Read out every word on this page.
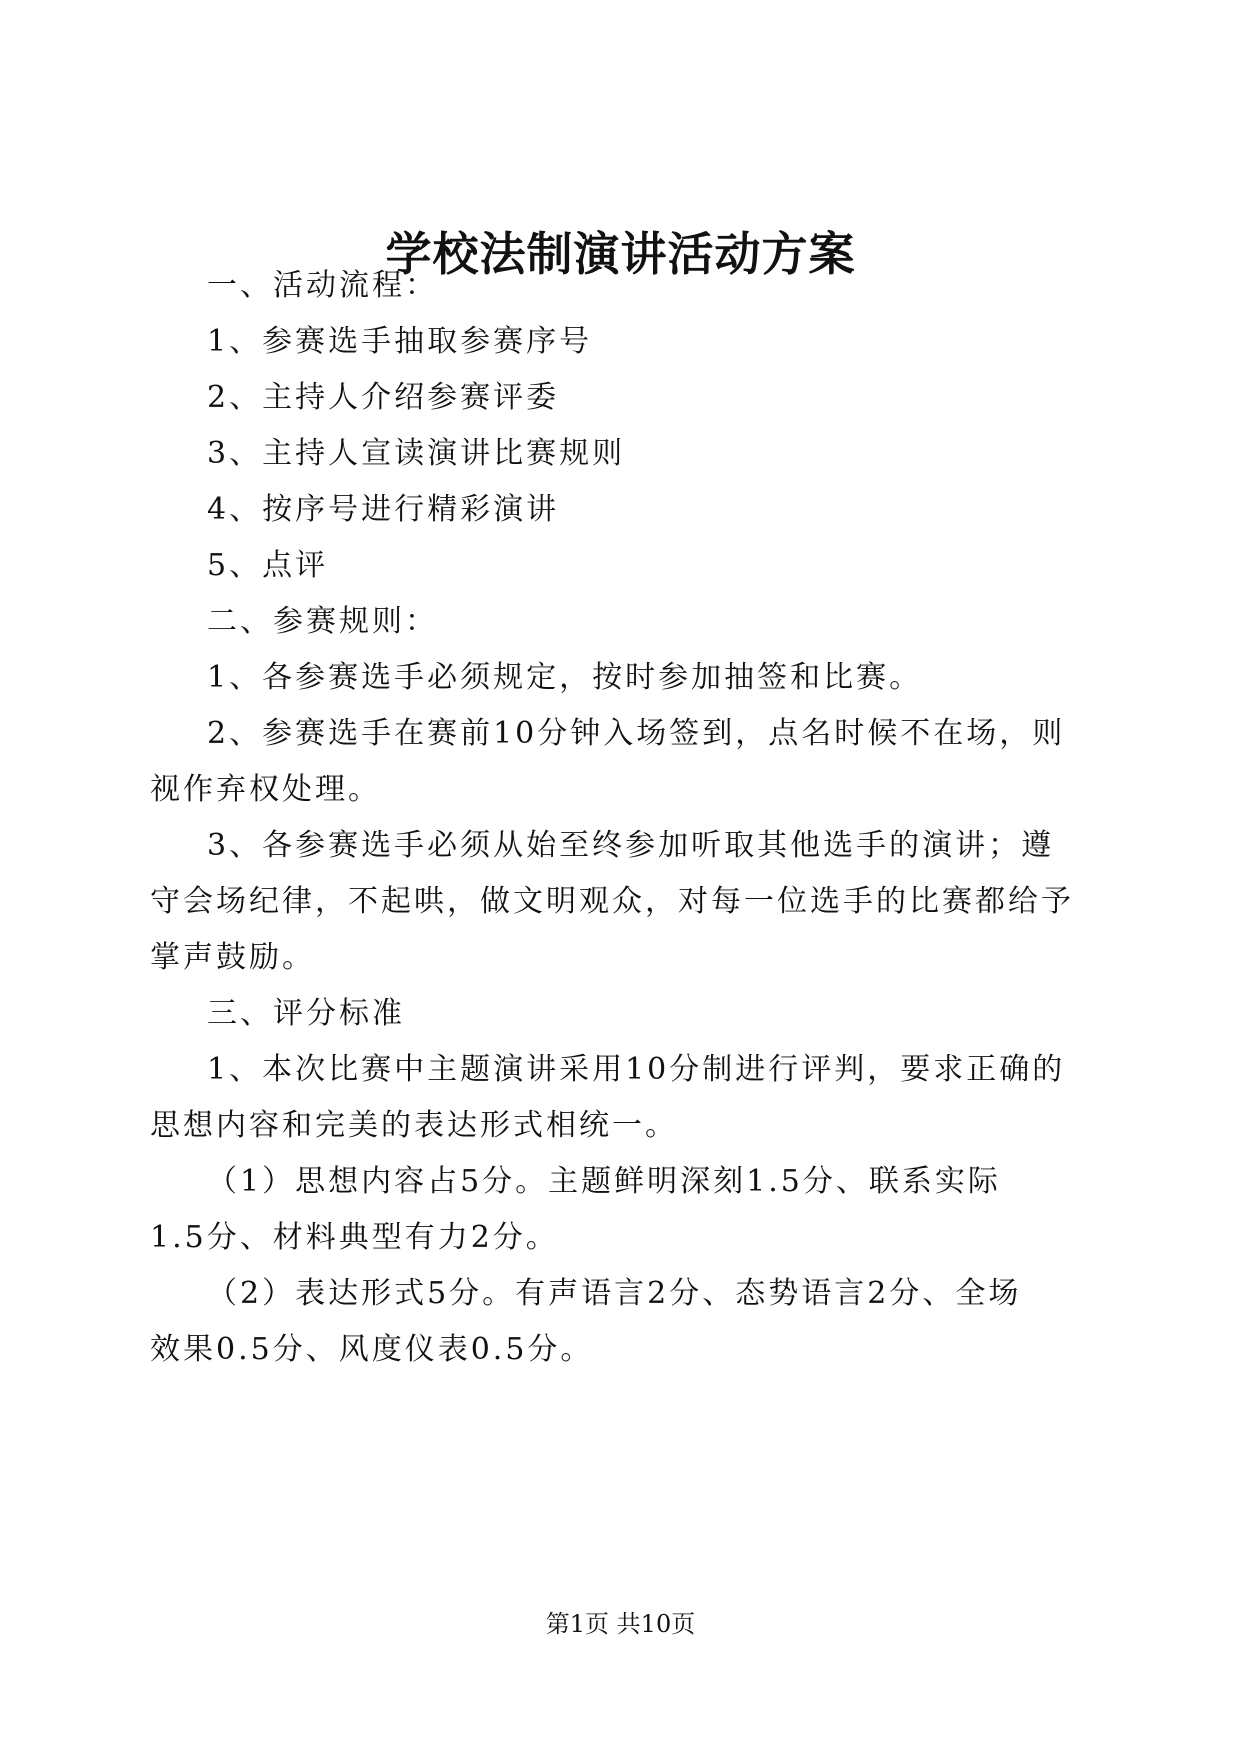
学校法制演讲活动方案
一、活动流程：
1、参赛选手抽取参赛序号
2、主持人介绍参赛评委
3、主持人宣读演讲比赛规则
4、按序号进行精彩演讲
5、点评
二、参赛规则：
1、各参赛选手必须规定，按时参加抽签和比赛。
2、参赛选手在赛前10分钟入场签到，点名时候不在场，则
视作弃权处理。
3、各参赛选手必须从始至终参加听取其他选手的演讲；遵
守会场纪律，不起哄，做文明观众，对每一位选手的比赛都给予
掌声鼓励。
三、评分标准
1、本次比赛中主题演讲采用10分制进行评判，要求正确的
思想内容和完美的表达形式相统一。
（1）思想内容占5分。主题鲜明深刻1.5分、联系实际
1.5分、材料典型有力2分。
（2）表达形式5分。有声语言2分、态势语言2分、全场
效果0.5分、风度仪表0.5分。
第1页 共10页
